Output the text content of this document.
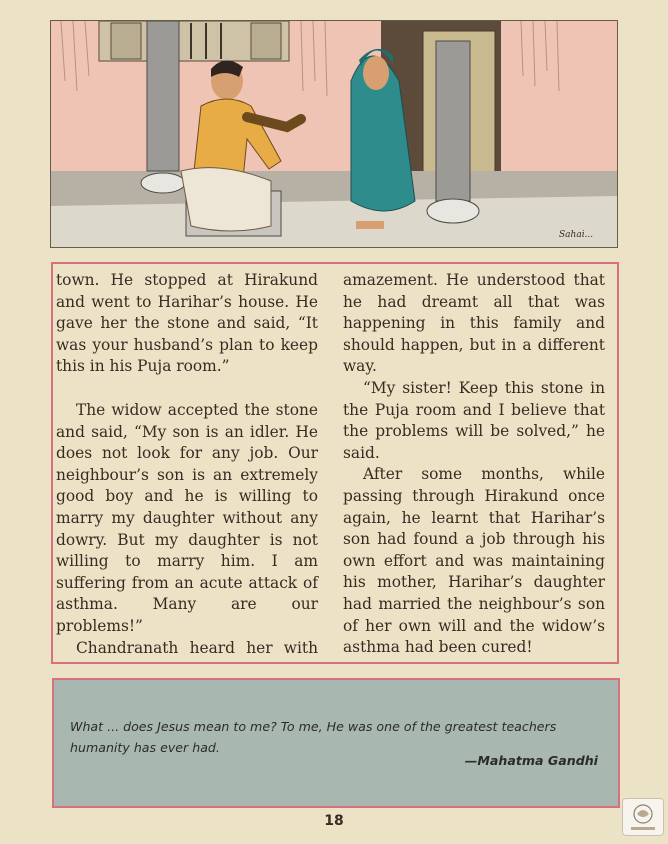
Sahai...

town. He stopped at Hirakund and went to Harihar’s house. He gave her the stone and said, “It was your husband’s plan to keep this in his Puja room.”

The widow accepted the stone and said, “My son is an idler. He does not look for any job. Our neighbour’s son is an extremely good boy and he is willing to marry my daughter without any dowry. But my daughter is not willing to marry him. I am suffering from an acute attack of asthma. Many are our problems!”

Chandranath heard her with

amazement. He understood that he had dreamt all that was happening in this family and should happen, but in a different way.

“My sister! Keep this stone in the Puja room and I believe that the problems will be solved,” he said.

After some months, while passing through Hirakund once again, he learnt that Harihar’s son had found a job through his own effort and was maintaining his mother, Harihar’s daughter had married the neighbour’s son of her own will and the widow’s asthma had been cured!

What ... does Jesus mean to me? To me, He was one of the greatest teachers humanity has ever had.
—Mahatma Gandhi
18
